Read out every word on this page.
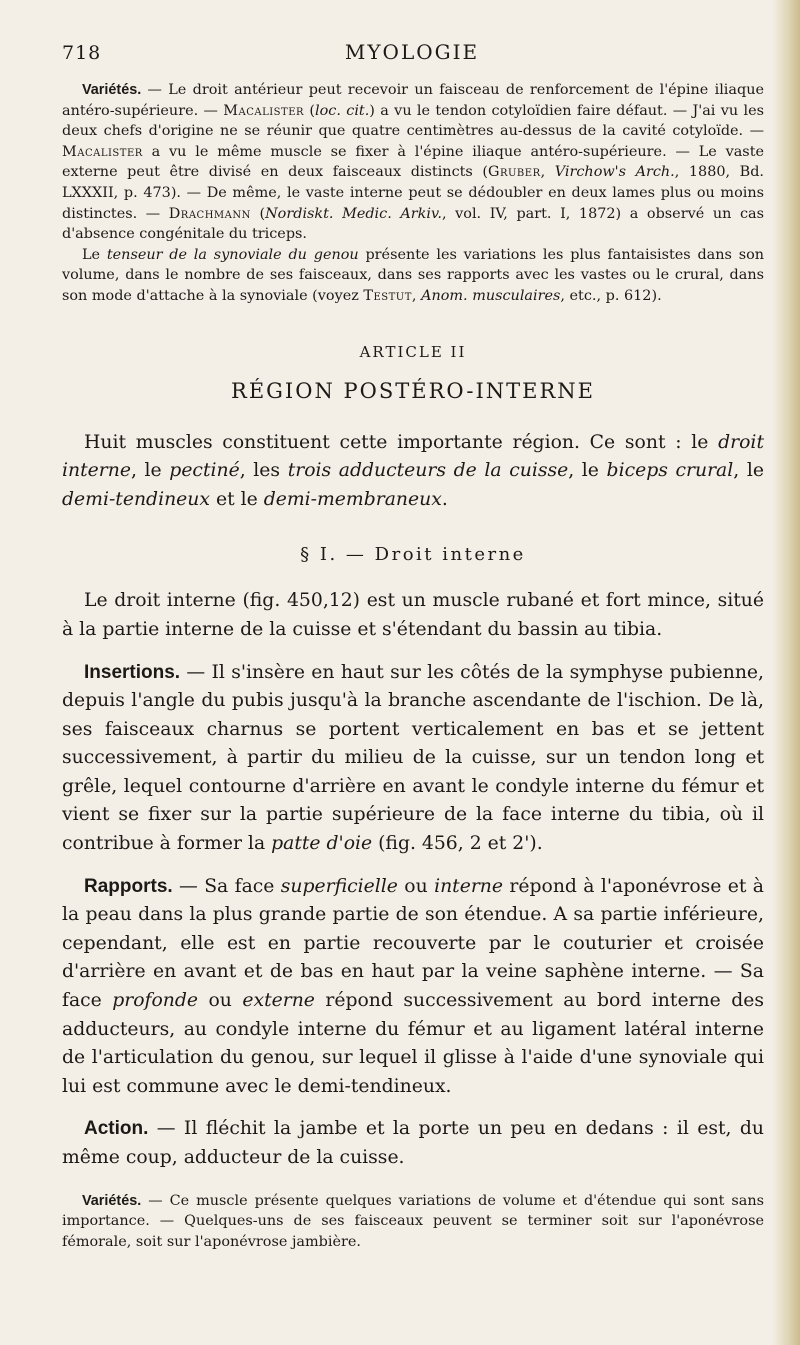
718	MYOLOGIE

Variétés. — Le droit antérieur peut recevoir un faisceau de renforcement de l'épine iliaque antéro-supérieure. — Macalister (loc. cit.) a vu le tendon cotyloïdien faire défaut. — J'ai vu les deux chefs d'origine ne se réunir que quatre centimètres au-dessus de la cavité cotyloïde. — Macalister a vu le même muscle se fixer à l'épine iliaque antéro-supérieure. — Le vaste externe peut être divisé en deux faisceaux distincts (Gruber, Virchow's Arch., 1880, Bd. LXXXII, p. 473). — De même, le vaste interne peut se dédoubler en deux lames plus ou moins distinctes. — Drachmann (Nordiskt. Medic. Arkiv., vol. IV, part. I, 1872) a observé un cas d'absence congénitale du triceps.

Le tenseur de la synoviale du genou présente les variations les plus fantaisistes dans son volume, dans le nombre de ses faisceaux, dans ses rapports avec les vastes ou le crural, dans son mode d'attache à la synoviale (voyez Testut, Anom. musculaires, etc., p. 612).

ARTICLE II
RÉGION POSTÉRO-INTERNE

Huit muscles constituent cette importante région. Ce sont : le droit interne, le pectiné, les trois adducteurs de la cuisse, le biceps crural, le demi-tendineux et le demi-membraneux.

§ I. — Droit interne

Le droit interne (fig. 450,12) est un muscle rubané et fort mince, situé à la partie interne de la cuisse et s'étendant du bassin au tibia.

Insertions. — Il s'insère en haut sur les côtés de la symphyse pubienne, depuis l'angle du pubis jusqu'à la branche ascendante de l'ischion. De là, ses faisceaux charnus se portent verticalement en bas et se jettent successivement, à partir du milieu de la cuisse, sur un tendon long et grêle, lequel contourne d'arrière en avant le condyle interne du fémur et vient se fixer sur la partie supérieure de la face interne du tibia, où il contribue à former la patte d'oie (fig. 456, 2 et 2').

Rapports. — Sa face superficielle ou interne répond à l'aponévrose et à la peau dans la plus grande partie de son étendue. A sa partie inférieure, cependant, elle est en partie recouverte par le couturier et croisée d'arrière en avant et de bas en haut par la veine saphène interne. — Sa face profonde ou externe répond successivement au bord interne des adducteurs, au condyle interne du fémur et au ligament latéral interne de l'articulation du genou, sur lequel il glisse à l'aide d'une synoviale qui lui est commune avec le demi-tendineux.

Action. — Il fléchit la jambe et la porte un peu en dedans : il est, du même coup, adducteur de la cuisse.

Variétés. — Ce muscle présente quelques variations de volume et d'étendue qui sont sans importance. — Quelques-uns de ses faisceaux peuvent se terminer soit sur l'aponévrose fémorale, soit sur l'aponévrose jambière.
